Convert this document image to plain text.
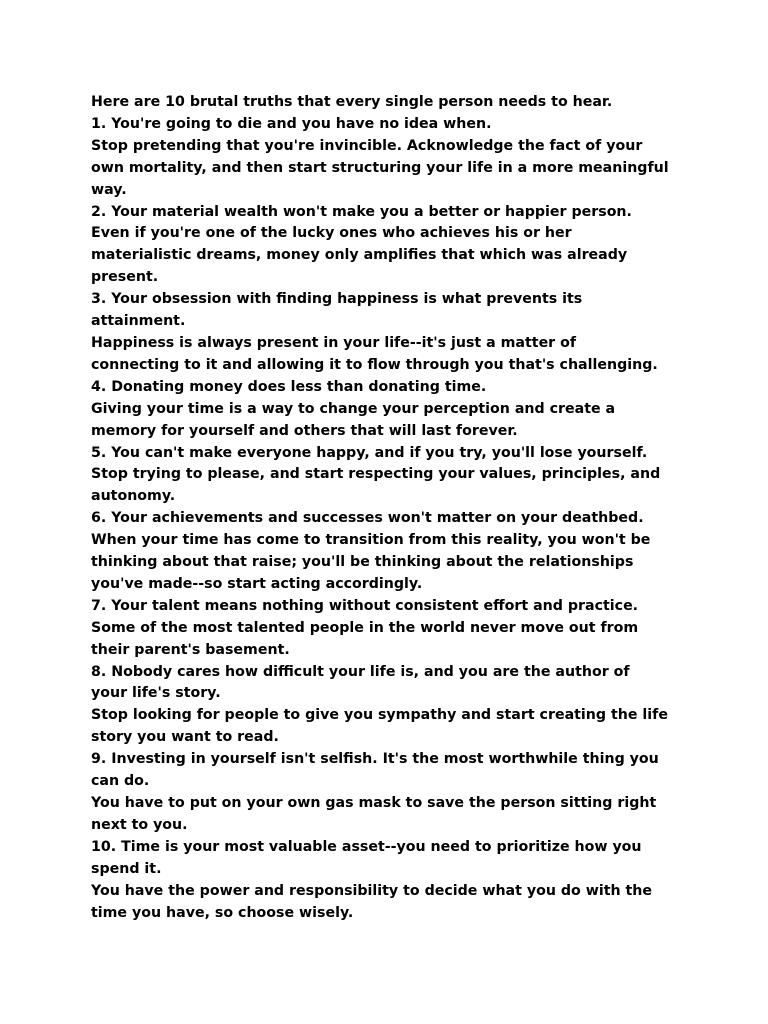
Here are 10 brutal truths that every single person needs to hear.
1. You're going to die and you have no idea when.
Stop pretending that you're invincible. Acknowledge the fact of your
own mortality, and then start structuring your life in a more meaningful
way.
2. Your material wealth won't make you a better or happier person.
Even if you're one of the lucky ones who achieves his or her
materialistic dreams, money only amplifies that which was already
present.
3. Your obsession with finding happiness is what prevents its
attainment.
Happiness is always present in your life--it's just a matter of
connecting to it and allowing it to flow through you that's challenging.
4. Donating money does less than donating time.
Giving your time is a way to change your perception and create a
memory for yourself and others that will last forever.
5. You can't make everyone happy, and if you try, you'll lose yourself.
Stop trying to please, and start respecting your values, principles, and
autonomy.
6. Your achievements and successes won't matter on your deathbed.
When your time has come to transition from this reality, you won't be
thinking about that raise; you'll be thinking about the relationships
you've made--so start acting accordingly.
7. Your talent means nothing without consistent effort and practice.
Some of the most talented people in the world never move out from
their parent's basement.
8. Nobody cares how difficult your life is, and you are the author of
your life's story.
Stop looking for people to give you sympathy and start creating the life
story you want to read.
9. Investing in yourself isn't selfish. It's the most worthwhile thing you
can do.
You have to put on your own gas mask to save the person sitting right
next to you.
10. Time is your most valuable asset--you need to prioritize how you
spend it.
You have the power and responsibility to decide what you do with the
time you have, so choose wisely.
